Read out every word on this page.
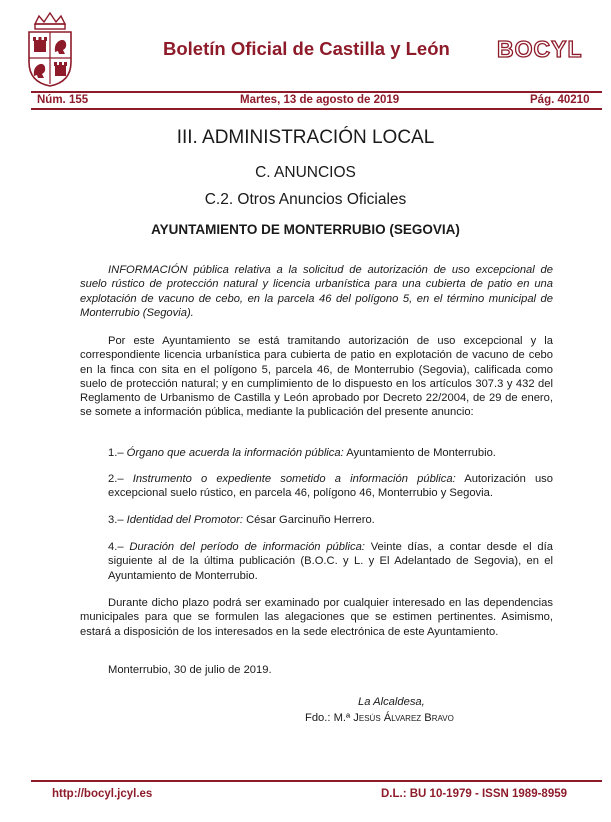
Boletín Oficial de Castilla y León BOCYL
Núm. 155	Martes, 13 de agosto de 2019	Pág. 40210
III. ADMINISTRACIÓN LOCAL
C. ANUNCIOS
C.2. Otros Anuncios Oficiales
AYUNTAMIENTO DE MONTERRUBIO (SEGOVIA)

INFORMACIÓN pública relativa a la solicitud de autorización de uso excepcional de suelo rústico de protección natural y licencia urbanística para una cubierta de patio en una explotación de vacuno de cebo, en la parcela 46 del polígono 5, en el término municipal de Monterrubio (Segovia).

Por este Ayuntamiento se está tramitando autorización de uso excepcional y la correspondiente licencia urbanística para cubierta de patio en explotación de vacuno de cebo en la finca con sita en el polígono 5, parcela 46, de Monterrubio (Segovia), calificada como suelo de protección natural; y en cumplimiento de lo dispuesto en los artículos 307.3 y 432 del Reglamento de Urbanismo de Castilla y León aprobado por Decreto 22/2004, de 29 de enero, se somete a información pública, mediante la publicación del presente anuncio:

1.– Órgano que acuerda la información pública: Ayuntamiento de Monterrubio.

2.– Instrumento o expediente sometido a información pública: Autorización uso excepcional suelo rústico, en parcela 46, polígono 46, Monterrubio y Segovia.

3.– Identidad del Promotor: César Garcinuño Herrero.

4.– Duración del período de información pública: Veinte días, a contar desde el día siguiente al de la última publicación (B.O.C. y L. y El Adelantado de Segovia), en el Ayuntamiento de Monterrubio.

Durante dicho plazo podrá ser examinado por cualquier interesado en las dependencias municipales para que se formulen las alegaciones que se estimen pertinentes. Asimismo, estará a disposición de los interesados en la sede electrónica de este Ayuntamiento.

Monterrubio, 30 de julio de 2019.
La Alcaldesa,
Fdo.: M.ª Jesús Álvarez Bravo
http://bocyl.jcyl.es	D.L.: BU 10-1979 - ISSN 1989-8959
